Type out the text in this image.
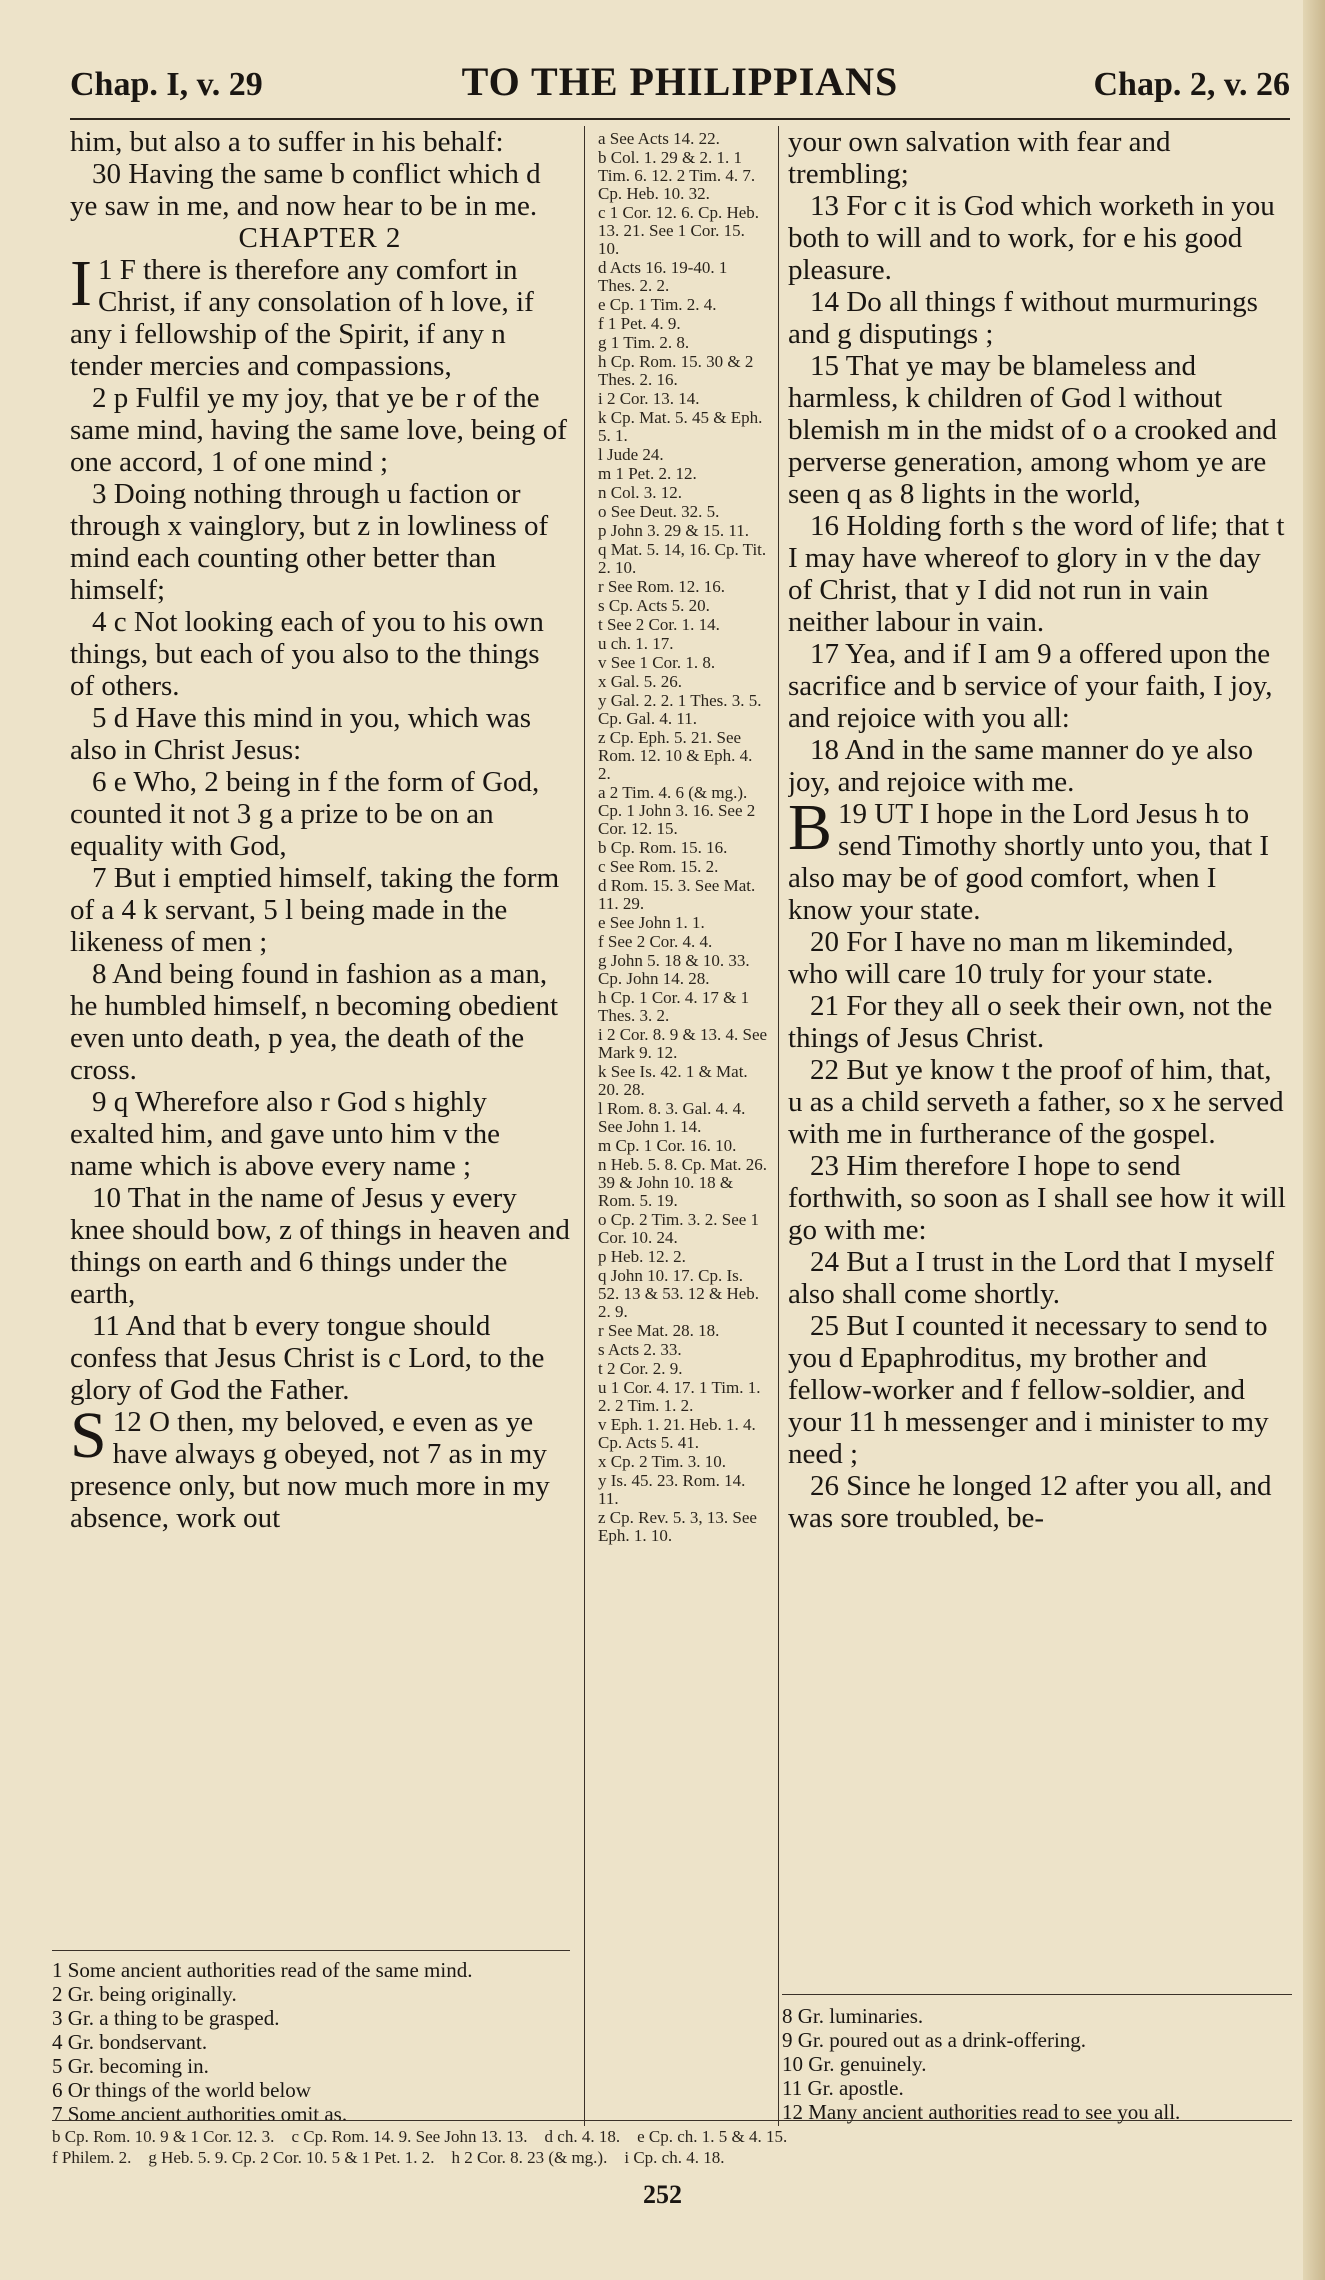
Chap. I, v. 29	TO THE PHILIPPIANS	Chap. 2, v. 26

him, but also a to suffer in his behalf:

30 Having the same b conflict which d ye saw in me, and now hear to be in me.

CHAPTER 2

1
I F there is therefore any comfort in Christ, if any consolation of h love, if any i fellowship of the Spirit, if any n tender mercies and compassions,

2 p Fulfil ye my joy, that ye be r of the same mind, having the same love, being of one accord, 1 of one mind ;

3 Doing nothing through u faction or through x vainglory, but z in lowliness of mind each counting other better than himself;

4 c Not looking each of you to his own things, but each of you also to the things of others.

5 d Have this mind in you, which was also in Christ Jesus:

6 e Who, 2 being in f the form of God, counted it not 3 g a prize to be on an equality with God,

7 But i emptied himself, taking the form of a 4 k servant, 5 l being made in the likeness of men ;

8 And being found in fashion as a man, he humbled himself, n becoming obedient even unto death, p yea, the death of the cross.

9 q Wherefore also r God s highly exalted him, and gave unto him v the name which is above every name ;

10 That in the name of Jesus y every knee should bow, z of things in heaven and things on earth and 6 things under the earth,

11 And that b every tongue should confess that Jesus Christ is c Lord, to the glory of God the Father.

12
S O then, my beloved, e even as ye have always g obeyed, not 7 as in my presence only, but now much more in my absence, work out

a See Acts 14. 22.

b Col. 1. 29 & 2. 1. 1 Tim. 6. 12. 2 Tim. 4. 7. Cp. Heb. 10. 32.

c 1 Cor. 12. 6. Cp. Heb. 13. 21. See 1 Cor. 15. 10.

d Acts 16. 19-40. 1 Thes. 2. 2.

e Cp. 1 Tim. 2. 4.

f 1 Pet. 4. 9.

g 1 Tim. 2. 8.

h Cp. Rom. 15. 30 & 2 Thes. 2. 16.

i 2 Cor. 13. 14.

k Cp. Mat. 5. 45 & Eph. 5. 1.

l Jude 24.

m 1 Pet. 2. 12.

n Col. 3. 12.

o See Deut. 32. 5.

p John 3. 29 & 15. 11.

q Mat. 5. 14, 16. Cp. Tit. 2. 10.

r See Rom. 12. 16.

s Cp. Acts 5. 20.

t See 2 Cor. 1. 14.

u ch. 1. 17.

v See 1 Cor. 1. 8.

x Gal. 5. 26.

y Gal. 2. 2. 1 Thes. 3. 5. Cp. Gal. 4. 11.

z Cp. Eph. 5. 21. See Rom. 12. 10 & Eph. 4. 2.

a 2 Tim. 4. 6 (& mg.). Cp. 1 John 3. 16. See 2 Cor. 12. 15.

b Cp. Rom. 15. 16.

c See Rom. 15. 2.

d Rom. 15. 3. See Mat. 11. 29.

e See John 1. 1.

f See 2 Cor. 4. 4.

g John 5. 18 & 10. 33. Cp. John 14. 28.

h Cp. 1 Cor. 4. 17 & 1 Thes. 3. 2.

i 2 Cor. 8. 9 & 13. 4. See Mark 9. 12.

k See Is. 42. 1 & Mat. 20. 28.

l Rom. 8. 3. Gal. 4. 4. See John 1. 14.

m Cp. 1 Cor. 16. 10.

n Heb. 5. 8. Cp. Mat. 26. 39 & John 10. 18 & Rom. 5. 19.

o Cp. 2 Tim. 3. 2. See 1 Cor. 10. 24.

p Heb. 12. 2.

q John 10. 17. Cp. Is. 52. 13 & 53. 12 & Heb. 2. 9.

r See Mat. 28. 18.

s Acts 2. 33.

t 2 Cor. 2. 9.

u 1 Cor. 4. 17. 1 Tim. 1. 2. 2 Tim. 1. 2.

v Eph. 1. 21. Heb. 1. 4. Cp. Acts 5. 41.

x Cp. 2 Tim. 3. 10.

y Is. 45. 23. Rom. 14. 11.

z Cp. Rev. 5. 3, 13. See Eph. 1. 10.

your own salvation with fear and trembling;

13 For c it is God which worketh in you both to will and to work, for e his good pleasure.

14 Do all things f without murmurings and g disputings ;

15 That ye may be blameless and harmless, k children of God l without blemish m in the midst of o a crooked and perverse generation, among whom ye are seen q as 8 lights in the world,

16 Holding forth s the word of life; that t I may have whereof to glory in v the day of Christ, that y I did not run in vain neither labour in vain.

17 Yea, and if I am 9 a offered upon the sacrifice and b service of your faith, I joy, and rejoice with you all:

18 And in the same manner do ye also joy, and rejoice with me.

19
B UT I hope in the Lord Jesus h to send Timothy shortly unto you, that I also may be of good comfort, when I know your state.

20 For I have no man m likeminded, who will care 10 truly for your state.

21 For they all o seek their own, not the things of Jesus Christ.

22 But ye know t the proof of him, that, u as a child serveth a father, so x he served with me in furtherance of the gospel.

23 Him therefore I hope to send forthwith, so soon as I shall see how it will go with me:

24 But a I trust in the Lord that I myself also shall come shortly.

25 But I counted it necessary to send to you d Epaphroditus, my brother and fellow-worker and f fellow-soldier, and your 11 h messenger and i minister to my need ;

26 Since he longed 12 after you all, and was sore troubled, be-

1 Some ancient authorities read of the same mind.

2 Gr. being originally.

3 Gr. a thing to be grasped.

4 Gr. bondservant.

5 Gr. becoming in.

6 Or things of the world below

7 Some ancient authorities omit as.

8 Gr. luminaries.

9 Gr. poured out as a drink-offering.

10 Gr. genuinely.

11 Gr. apostle.

12 Many ancient authorities read to see you all.

b Cp. Rom. 10. 9 & 1 Cor. 12. 3. c Cp. Rom. 14. 9. See John 13. 13. d ch. 4. 18. e Cp. ch. 1. 5 & 4. 15.

f Philem. 2. g Heb. 5. 9. Cp. 2 Cor. 10. 5 & 1 Pet. 1. 2. h 2 Cor. 8. 23 (& mg.). i Cp. ch. 4. 18.

252
